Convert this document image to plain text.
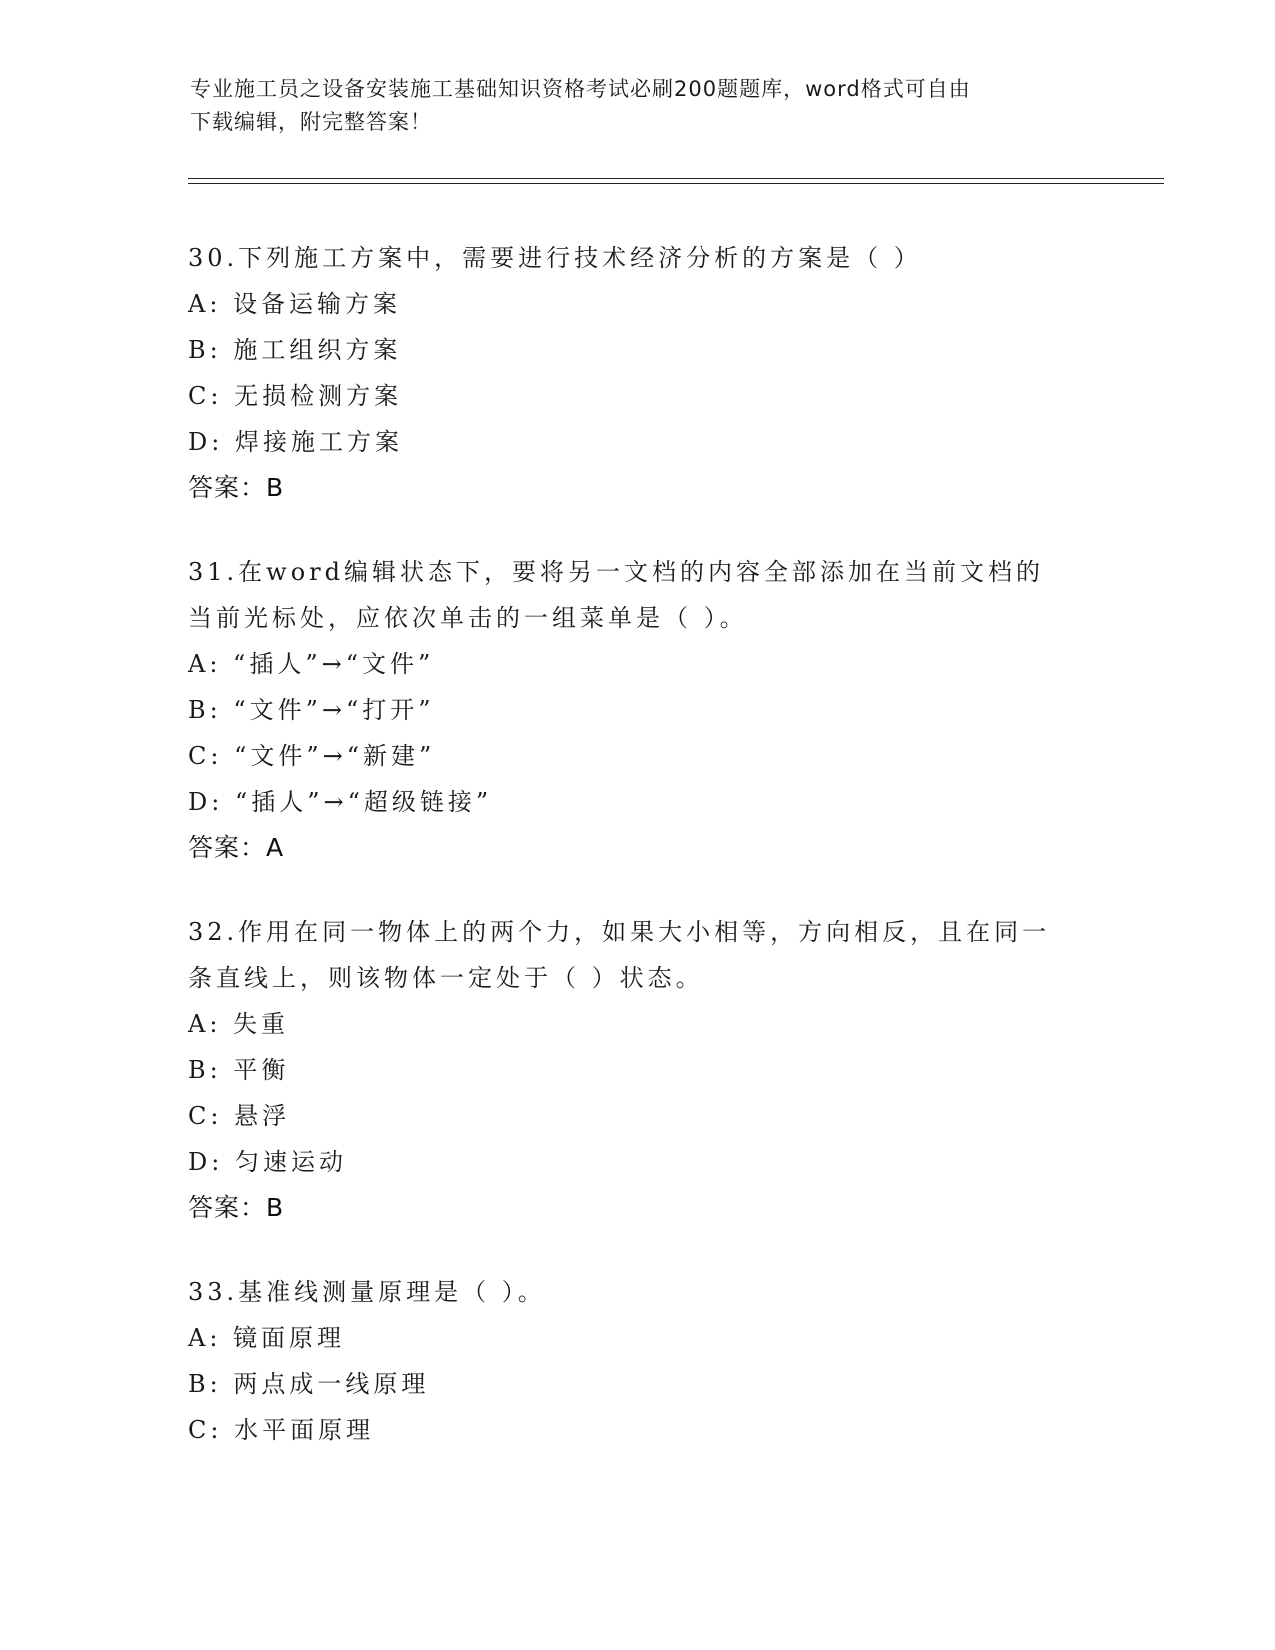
专业施工员之设备安装施工基础知识资格考试必刷200题题库，word格式可自由
下载编辑，附完整答案！

30.下列施工方案中，需要进行技术经济分析的方案是（ ）

A: 设备运输方案

B: 施工组织方案

C: 无损检测方案

D: 焊接施工方案

答案：B

31.在word编辑状态下，要将另一文档的内容全部添加在当前文档的

当前光标处，应依次单击的一组菜单是（ ）。

A: “插人”→“文件”

B: “文件”→“打开”

C: “文件”→“新建”

D: “插人”→“超级链接”

答案：A

32.作用在同一物体上的两个力，如果大小相等，方向相反，且在同一

条直线上，则该物体一定处于（ ）状态。

A: 失重

B: 平衡

C: 悬浮

D: 匀速运动

答案：B

33.基准线测量原理是（ ）。

A: 镜面原理

B: 两点成一线原理

C: 水平面原理
